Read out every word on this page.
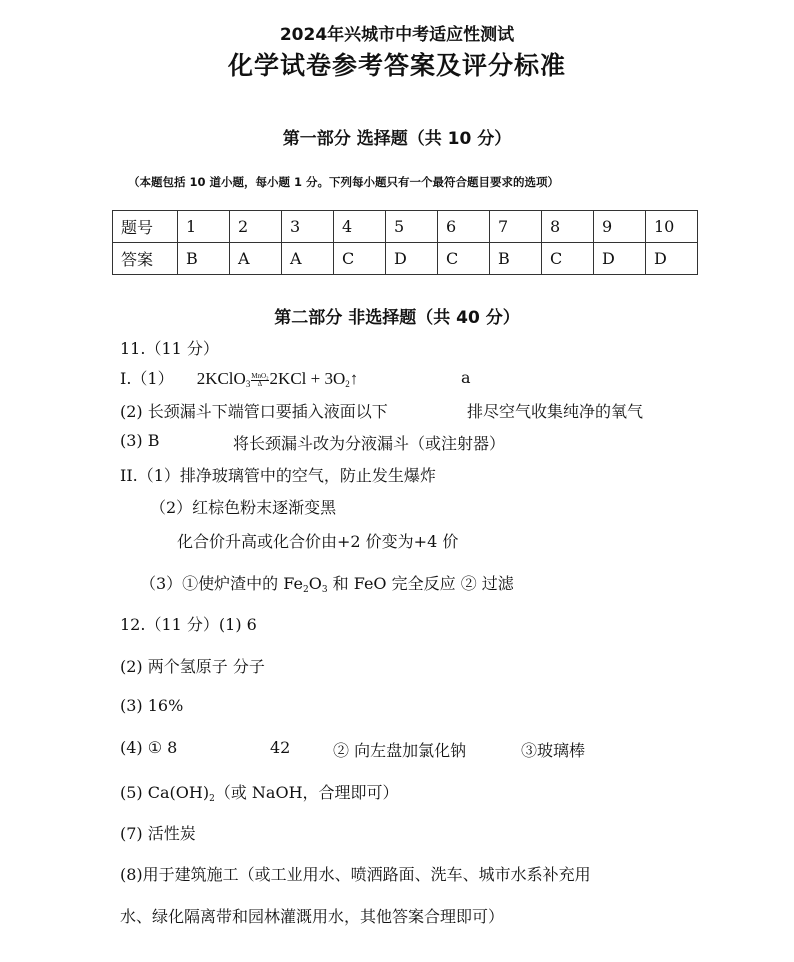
2024年兴城市中考适应性测试
化学试卷参考答案及评分标准
第一部分 选择题（共 10 分）
（本题包括 10 道小题，每小题 1 分。下列每小题只有一个最符合题目要求的选项）
题号	1	2	3	4	5	6	7	8	9	10
答案	B	A	A	C	D	C	B	C	D	D
第二部分 非选择题（共 40 分）
11.（11 分）
I.（1） 2KClO$_3$ $\frac{\text{MnO₂}}{\Delta} 2KCl$ + $3O_2↑$	a
(2) 长颈漏斗下端管口要插入液面以下	排尽空气收集纯净的氧气
(3) B	将长颈漏斗改为分液漏斗（或注射器）
II.（1）排净玻璃管中的空气，防止发生爆炸
（2）红棕色粉末逐渐变黑
化合价升高或化合价由+2 价变为+4 价
（3）①使炉渣中的 $Fe_2O_3$ 和 FeO 完全反应 ② 过滤
12.（11 分）(1) 6
(2) 两个氢原子 分子
(3) 16%
(4) ① 8	42	② 向左盘加氯化钠	③玻璃棒
(5) $Ca(OH)_2$（或 NaOH，合理即可）
(7) 活性炭
(8)用于建筑施工（或工业用水、喷洒路面、洗车、城市水系补充用
水、绿化隔离带和园林灌溉用水，其他答案合理即可）
